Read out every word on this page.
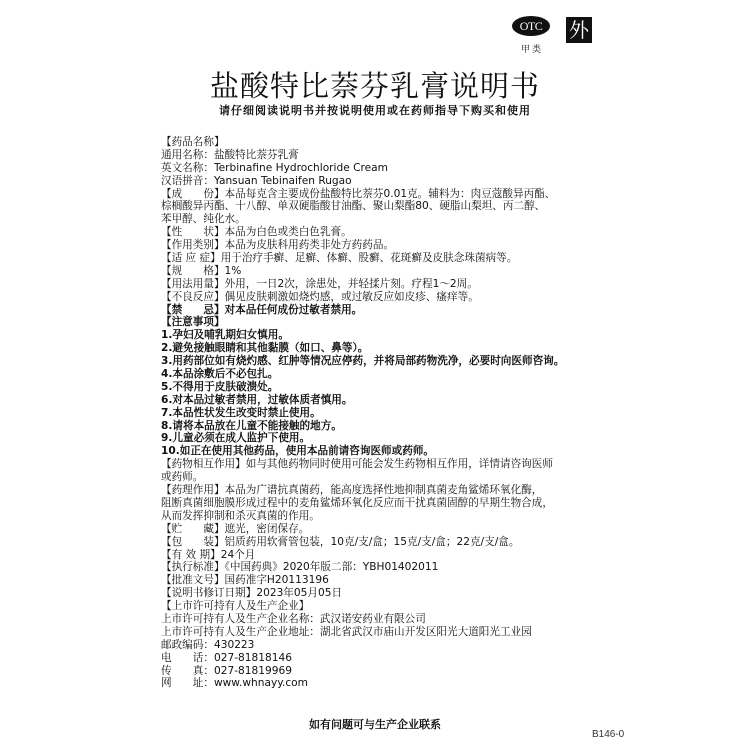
OTC
甲类
外
盐酸特比萘芬乳膏说明书
请仔细阅读说明书并按说明使用或在药师指导下购买和使用
【药品名称】
通用名称：盐酸特比萘芬乳膏
英文名称：Terbinafine Hydrochloride Cream
汉语拼音：Yansuan Tebinaifen Rugao
【成　　份】本品每克含主要成份盐酸特比萘芬0.01克。辅料为：肉豆蔻酸异丙酯、
棕榈酸异丙酯、十八醇、单双硬脂酸甘油酯、聚山梨酯80、硬脂山梨坦、丙二醇、
苯甲醇、纯化水。
【性　　状】本品为白色或类白色乳膏。
【作用类别】本品为皮肤科用药类非处方药药品。
【适 应 症】用于治疗手癣、足癣、体癣、股癣、花斑癣及皮肤念珠菌病等。
【规　　格】1%
【用法用量】外用，一日2次，涂患处，并轻揉片刻。疗程1～2周。
【不良反应】偶见皮肤刺激如烧灼感，或过敏反应如皮疹、瘙痒等。
【禁　　忌】对本品任何成份过敏者禁用。
【注意事项】
1.孕妇及哺乳期妇女慎用。
2.避免接触眼睛和其他黏膜（如口、鼻等）。
3.用药部位如有烧灼感、红肿等情况应停药，并将局部药物洗净，必要时向医师咨询。
4.本品涂敷后不必包扎。
5.不得用于皮肤破溃处。
6.对本品过敏者禁用，过敏体质者慎用。
7.本品性状发生改变时禁止使用。
8.请将本品放在儿童不能接触的地方。
9.儿童必须在成人监护下使用。
10.如正在使用其他药品，使用本品前请咨询医师或药师。
【药物相互作用】如与其他药物同时使用可能会发生药物相互作用，详情请咨询医师
或药师。
【药理作用】本品为广谱抗真菌药，能高度选择性地抑制真菌麦角鲨烯环氧化酶，
阻断真菌细胞膜形成过程中的麦角鲨烯环氧化反应而干扰真菌固醇的早期生物合成，
从而发挥抑制和杀灭真菌的作用。
【贮　　藏】遮光，密闭保存。
【包　　装】铝质药用软膏管包装，10克/支/盒；15克/支/盒；22克/支/盒。
【有 效 期】24个月
【执行标准】《中国药典》2020年版二部：YBH01402011
【批准文号】国药准字H20113196
【说明书修订日期】2023年05月05日
【上市许可持有人及生产企业】
上市许可持有人及生产企业名称：武汉诺安药业有限公司
上市许可持有人及生产企业地址：湖北省武汉市庙山开发区阳光大道阳光工业园
邮政编码：430223
电　　话：027-81818146
传　　真：027-81819969
网　　址：www.whnayy.com
如有问题可与生产企业联系
B146-0
